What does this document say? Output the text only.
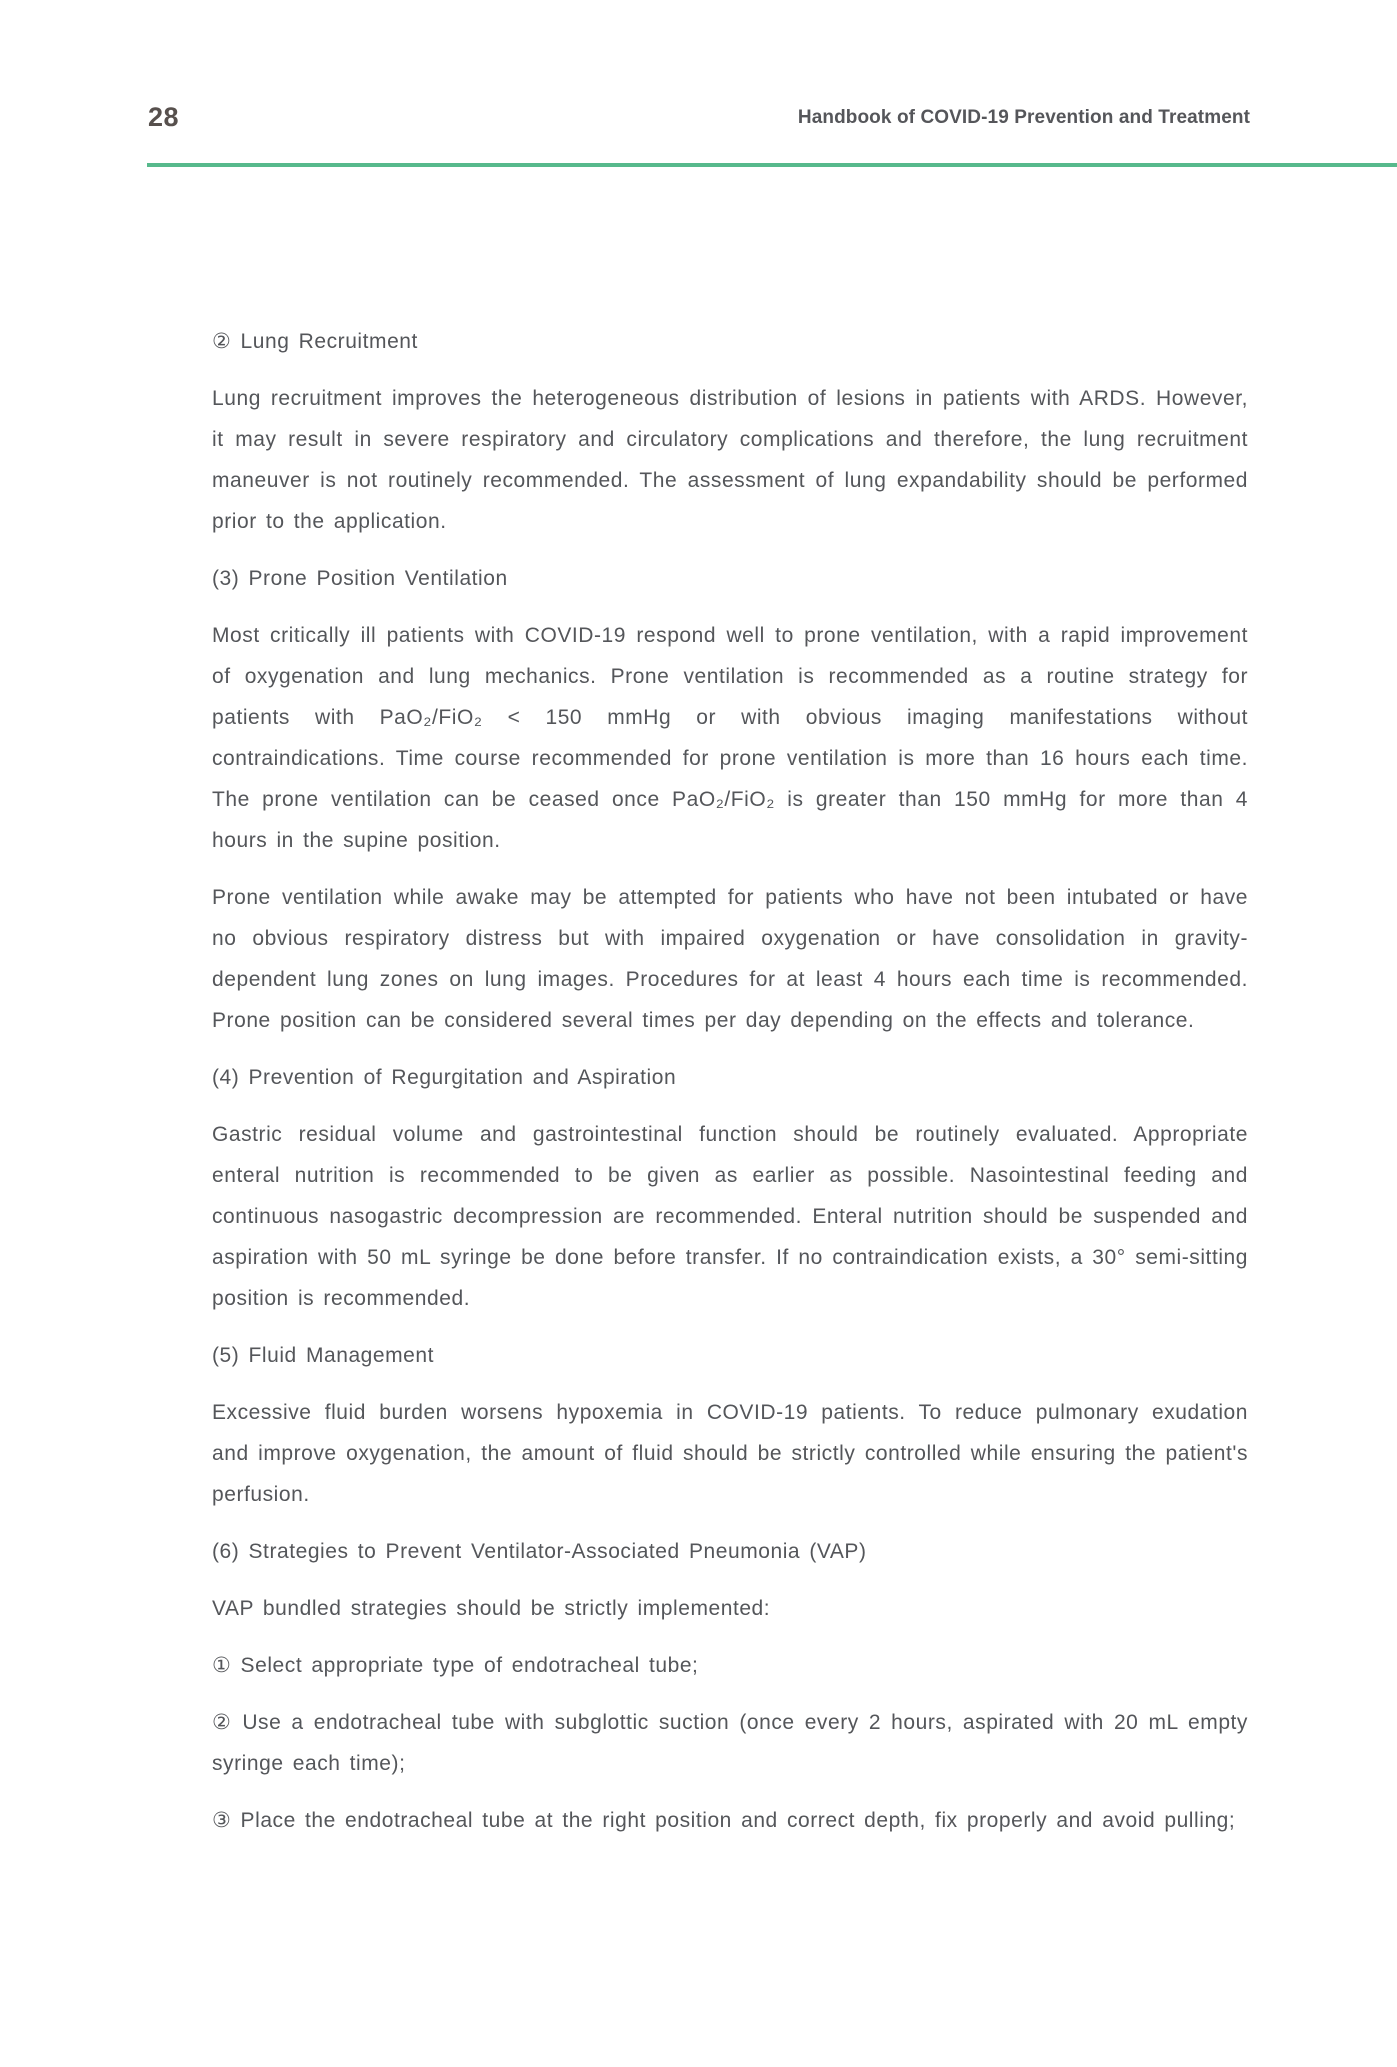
28	Handbook of COVID-19 Prevention and Treatment

② Lung Recruitment

Lung recruitment improves the heterogeneous distribution of lesions in patients with ARDS. However, it may result in severe respiratory and circulatory complications and therefore, the lung recruitment maneuver is not routinely recommended. The assessment of lung expandability should be performed prior to the application.

(3) Prone Position Ventilation

Most critically ill patients with COVID-19 respond well to prone ventilation, with a rapid improvement of oxygenation and lung mechanics. Prone ventilation is recommended as a routine strategy for patients with PaO₂/FiO₂ < 150 mmHg or with obvious imaging manifestations without contraindications. Time course recommended for prone ventilation is more than 16 hours each time. The prone ventilation can be ceased once PaO₂/FiO₂ is greater than 150 mmHg for more than 4 hours in the supine position.

Prone ventilation while awake may be attempted for patients who have not been intubated or have no obvious respiratory distress but with impaired oxygenation or have consolidation in gravity-dependent lung zones on lung images. Procedures for at least 4 hours each time is recommended. Prone position can be considered several times per day depending on the effects and tolerance.

(4) Prevention of Regurgitation and Aspiration

Gastric residual volume and gastrointestinal function should be routinely evaluated. Appropriate enteral nutrition is recommended to be given as earlier as possible. Nasointestinal feeding and continuous nasogastric decompression are recommended. Enteral nutrition should be suspended and aspiration with 50 mL syringe be done before transfer. If no contraindication exists, a 30° semi-sitting position is recommended.

(5) Fluid Management

Excessive fluid burden worsens hypoxemia in COVID-19 patients. To reduce pulmonary exudation and improve oxygenation, the amount of fluid should be strictly controlled while ensuring the patient's perfusion.

(6) Strategies to Prevent Ventilator-Associated Pneumonia (VAP)

VAP bundled strategies should be strictly implemented:

① Select appropriate type of endotracheal tube;

② Use a endotracheal tube with subglottic suction (once every 2 hours, aspirated with 20 mL empty syringe each time);

③ Place the endotracheal tube at the right position and correct depth, fix properly and avoid pulling;
